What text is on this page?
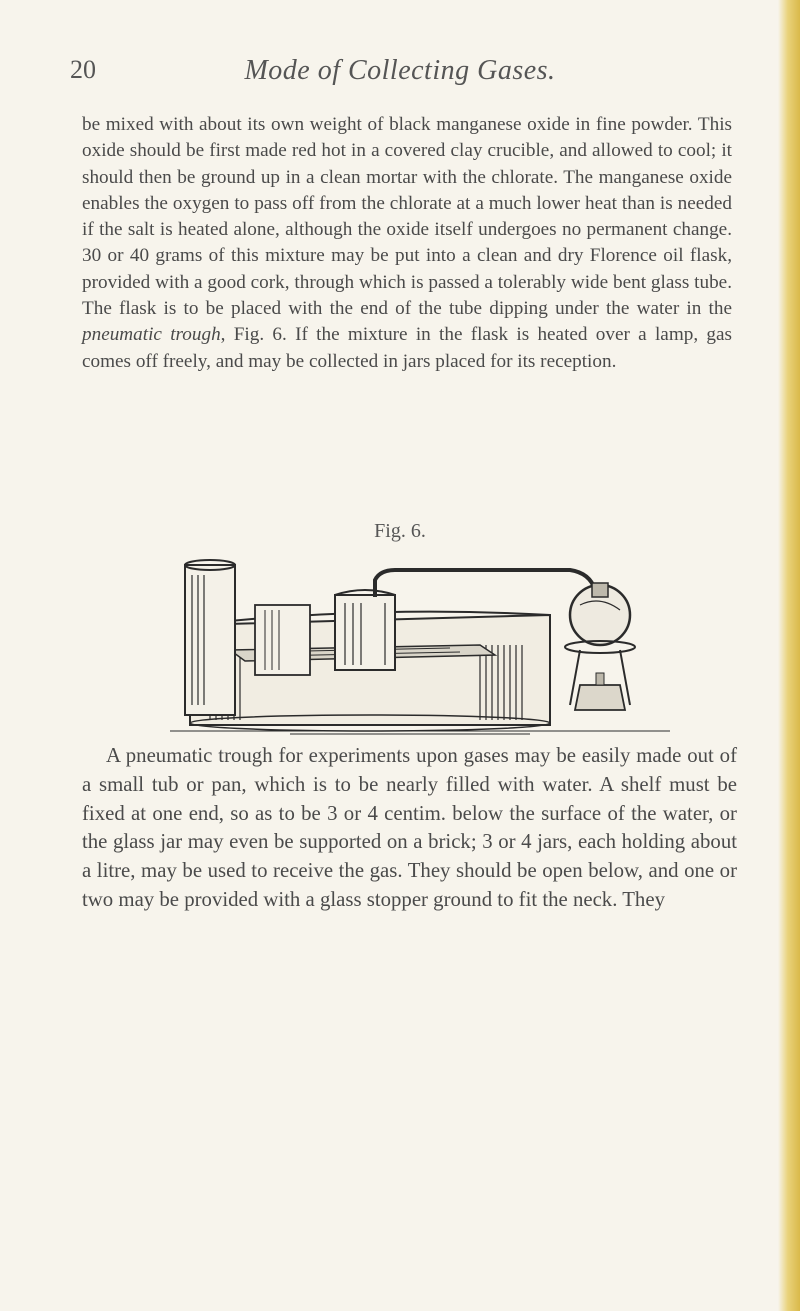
20	Mode of Collecting Gases.

be mixed with about its own weight of black manganese oxide in fine powder. This oxide should be first made red hot in a covered clay crucible, and allowed to cool; it should then be ground up in a clean mortar with the chlorate. The manganese oxide enables the oxygen to pass off from the chlorate at a much lower heat than is needed if the salt is heated alone, although the oxide itself undergoes no permanent change. 30 or 40 grams of this mixture may be put into a clean and dry Florence oil flask, provided with a good cork, through which is passed a tolerably wide bent glass tube. The flask is to be placed with the end of the tube dipping under the water in the pneumatic trough, Fig. 6. If the mixture in the flask is heated over a lamp, gas comes off freely, and may be collected in jars placed for its reception.

Fig. 6.

A pneumatic trough for experiments upon gases may be easily made out of a small tub or pan, which is to be nearly filled with water. A shelf must be fixed at one end, so as to be 3 or 4 centim. below the surface of the water, or the glass jar may even be supported on a brick; 3 or 4 jars, each holding about a litre, may be used to receive the gas. They should be open below, and one or two may be provided with a glass stopper ground to fit the neck. They
